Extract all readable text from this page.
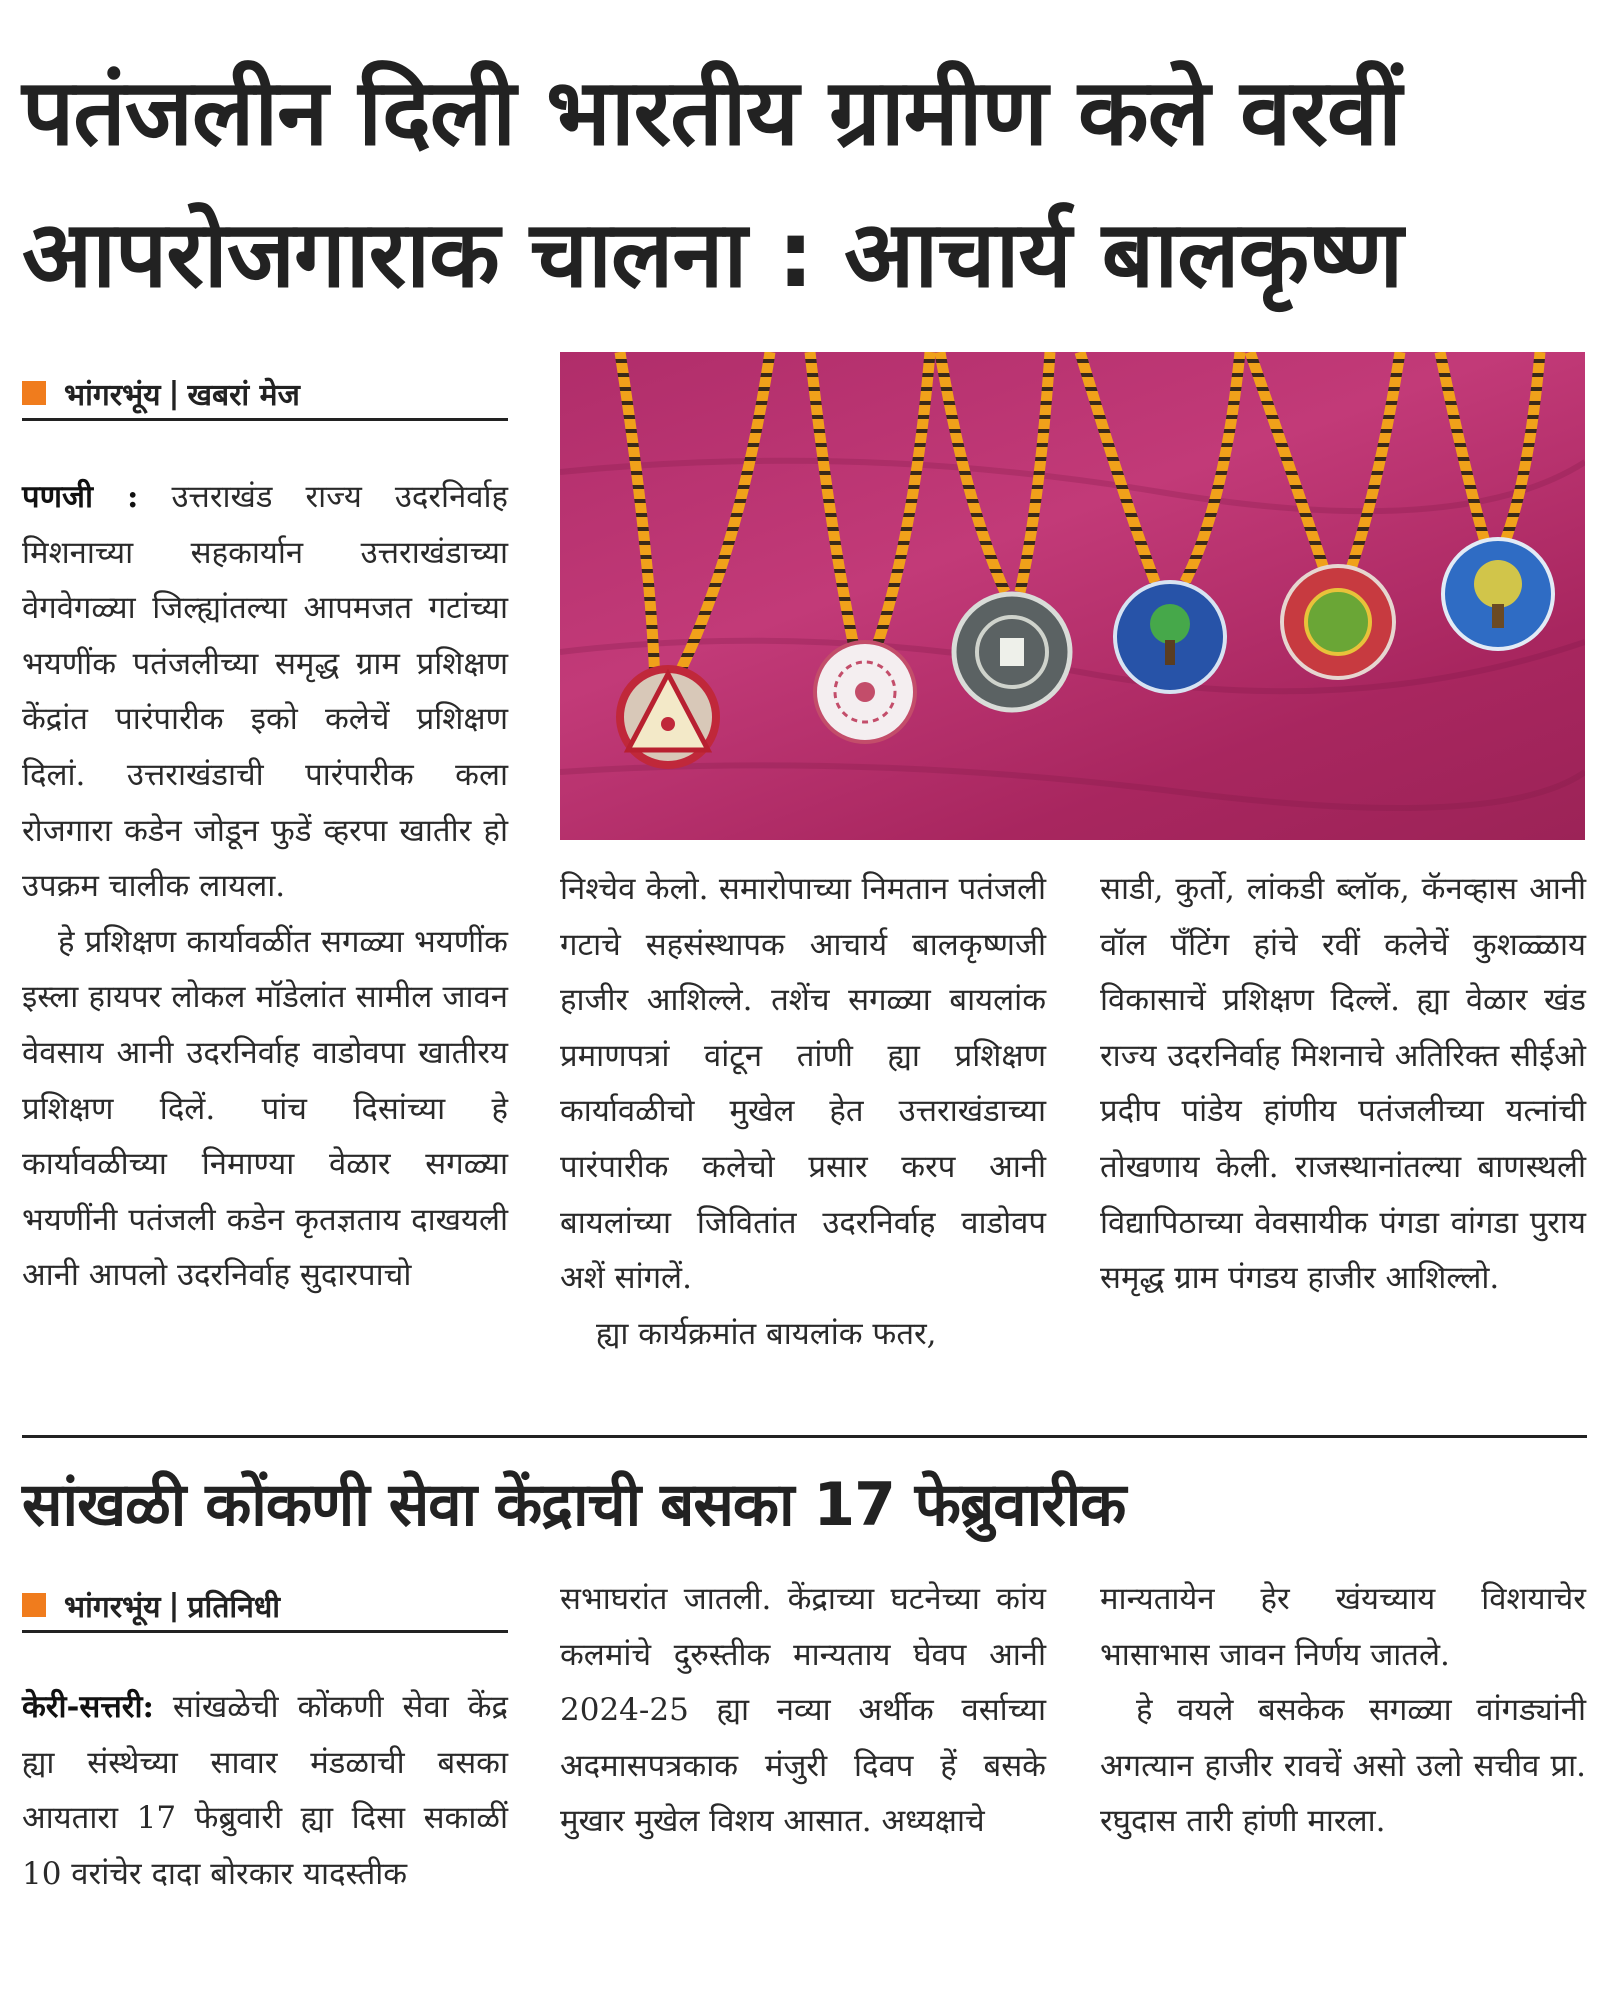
पतंजलीन दिली भारतीय ग्रामीण कले वरवीं
आपरोजगाराक चालना : आचार्य बालकृष्ण
भांगरभूंय | खबरां मेज

पणजी : उत्तराखंड राज्य उदरनिर्वाह मिशनाच्या सहकार्यान उत्तराखंडाच्या वेगवेगळ्या जिल्ह्यांतल्या आपमजत गटांच्या भयणींक पतंजलीच्या समृद्ध ग्राम प्रशिक्षण केंद्रांत पारंपारीक इको कलेचें प्रशिक्षण दिलां. उत्तराखंडाची पारंपारीक कला रोजगारा कडेन जोडून फुडें व्हरपा खातीर हो उपक्रम चालीक लायला.

हे प्रशिक्षण कार्यावळींत सगळ्या भयणींक इस्ला हायपर लोकल मॉडेलांत सामील जावन वेवसाय आनी उदरनिर्वाह वाडोवपा खातीरय प्रशिक्षण दिलें. पांच दिसांच्या हे कार्यावळीच्या निमाण्या वेळार सगळ्या भयणींनी पतंजली कडेन कृतज्ञताय दाखयली आनी आपलो उदरनिर्वाह सुदारपाचो

निश्चेव केलो. समारोपाच्या निमतान पतंजली गटाचे सहसंस्थापक आचार्य बालकृष्णजी हाजीर आशिल्ले. तशेंच सगळ्या बायलांक प्रमाणपत्रां वांटून तांणी ह्या प्रशिक्षण कार्यावळीचो मुखेल हेत उत्तराखंडाच्या पारंपारीक कलेचो प्रसार करप आनी बायलांच्या जिवितांत उदरनिर्वाह वाडोवप अशें सांगलें.

ह्या कार्यक्रमांत बायलांक फतर,

साडी, कुर्तो, लांकडी ब्लॉक, कॅनव्हास आनी वॉल पॅंटिंग हांचे रवीं कलेचें कुशळ्ळाय विकासाचें प्रशिक्षण दिल्लें. ह्या वेळार खंड राज्य उदरनिर्वाह मिशनाचे अतिरिक्त सीईओ प्रदीप पांडेय हांणीय पतंजलीच्या यत्नांची तोखणाय केली. राजस्थानांतल्या बाणस्थली विद्यापिठाच्या वेवसायीक पंगडा वांगडा पुराय समृद्ध ग्राम पंगडय हाजीर आशिल्लो.

सांखळी कोंकणी सेवा केंद्राची बसका 17 फेब्रुवारीक
भांगरभूंय | प्रतिनिधी

केरी-सत्तरी: सांखळेची कोंकणी सेवा केंद्र ह्या संस्थेच्या सावार मंडळाची बसका आयतारा 17 फेब्रुवारी ह्या दिसा सकाळीं 10 वरांचेर दादा बोरकार यादस्तीक

सभाघरांत जातली. केंद्राच्या घटनेच्या कांय कलमांचे दुरुस्तीक मान्यताय घेवप आनी 2024-25 ह्या नव्या अर्थीक वर्साच्या अदमासपत्रकाक मंजुरी दिवप हें बसके मुखार मुखेल विशय आसात. अध्यक्षाचे

मान्यतायेन हेर खंयच्याय विशयाचेर भासाभास जावन निर्णय जातले.

हे वयले बसकेक सगळ्या वांगड्यांनी अगत्यान हाजीर रावचें असो उलो सचीव प्रा. रघुदास तारी हांणी मारला.
